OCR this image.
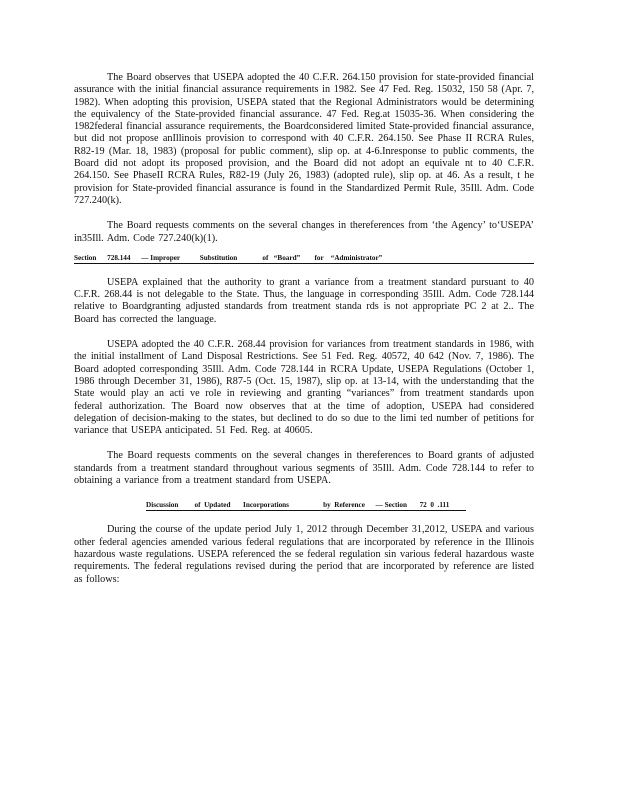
The Board observes that USEPA adopted the 40 C.F.R. 264.150 provision for state-provided financial assurance with the initial financial assurance requirements in 1982. See 47 Fed. Reg. 15032, 150 58 (Apr. 7, 1982). When adopting this provision, USEPA stated that the Regional Administrators would be determining the equivalency of the State-provided financial assurance. 47 Fed. Reg.at 15035-36. When considering the 1982federal financial assurance requirements, the Boardconsidered limited State-provided financial assurance, but did not propose anIllinois provision to correspond with 40 C.F.R. 264.150. See Phase II RCRA Rules, R82-19 (Mar. 18, 1983) (proposal for public comment), slip op. at 4-6.Inresponse to public comments, the Board did not adopt its proposed provision, and the Board did not adopt an equivale nt to 40 C.F.R. 264.150. See PhaseII RCRA Rules, R82-19 (July 26, 1983) (adopted rule), slip op. at 46. As a result, t he provision for State-provided financial assurance is found in the Standardized Permit Rule, 35Ill. Adm. Code 727.240(k).

The Board requests comments on the several changes in thereferences from ‘the Agency’ to‘USEPA’ in35Ill. Adm. Code 727.240(k)(1).

Section      728.144      — Improper           Substitution              of   “Board”        for    “Administrator”

USEPA explained that the authority to grant a variance from a treatment standard pursuant to 40 C.F.R. 268.44 is not delegable to the State. Thus, the language in corresponding 35Ill. Adm. Code 728.144 relative to Boardgranting adjusted standards from treatment standa rds is not appropriate PC 2 at 2.. The Board has corrected the language.

USEPA adopted the 40 C.F.R. 268.44 provision for variances from treatment standards in 1986, with the initial installment of Land Disposal Restrictions. See 51 Fed. Reg. 40572, 40 642 (Nov. 7, 1986). The Board adopted corresponding 35Ill. Adm. Code 728.144 in RCRA Update, USEPA Regulations (October 1, 1986 through December 31, 1986), R87-5 (Oct. 15, 1987), slip op. at 13-14, with the understanding that the State would play an acti ve role in reviewing and granting “variances” from treatment standards upon federal authorization. The Board now observes that at the time of adoption, USEPA had considered delegation of decision-making to the states, but declined to do so due to the limi ted number of petitions for variance that USEPA anticipated. 51 Fed. Reg. at 40605.

The Board requests comments on the several changes in thereferences to Board grants of adjusted standards from a treatment standard throughout various segments of 35Ill. Adm. Code 728.144 to refer to obtaining a variance from a treatment standard from USEPA.

Discussion         of  Updated       Incorporations                   by  Reference      — Section       72  0  .111

During the course of the update period July 1, 2012 through December 31,2012, USEPA and various other federal agencies amended various federal regulations that are incorporated by reference in the Illinois hazardous waste regulations. USEPA referenced the se federal regulation sin various federal hazardous waste requirements. The federal regulations revised during the period that are incorporated by reference are listed as follows:
